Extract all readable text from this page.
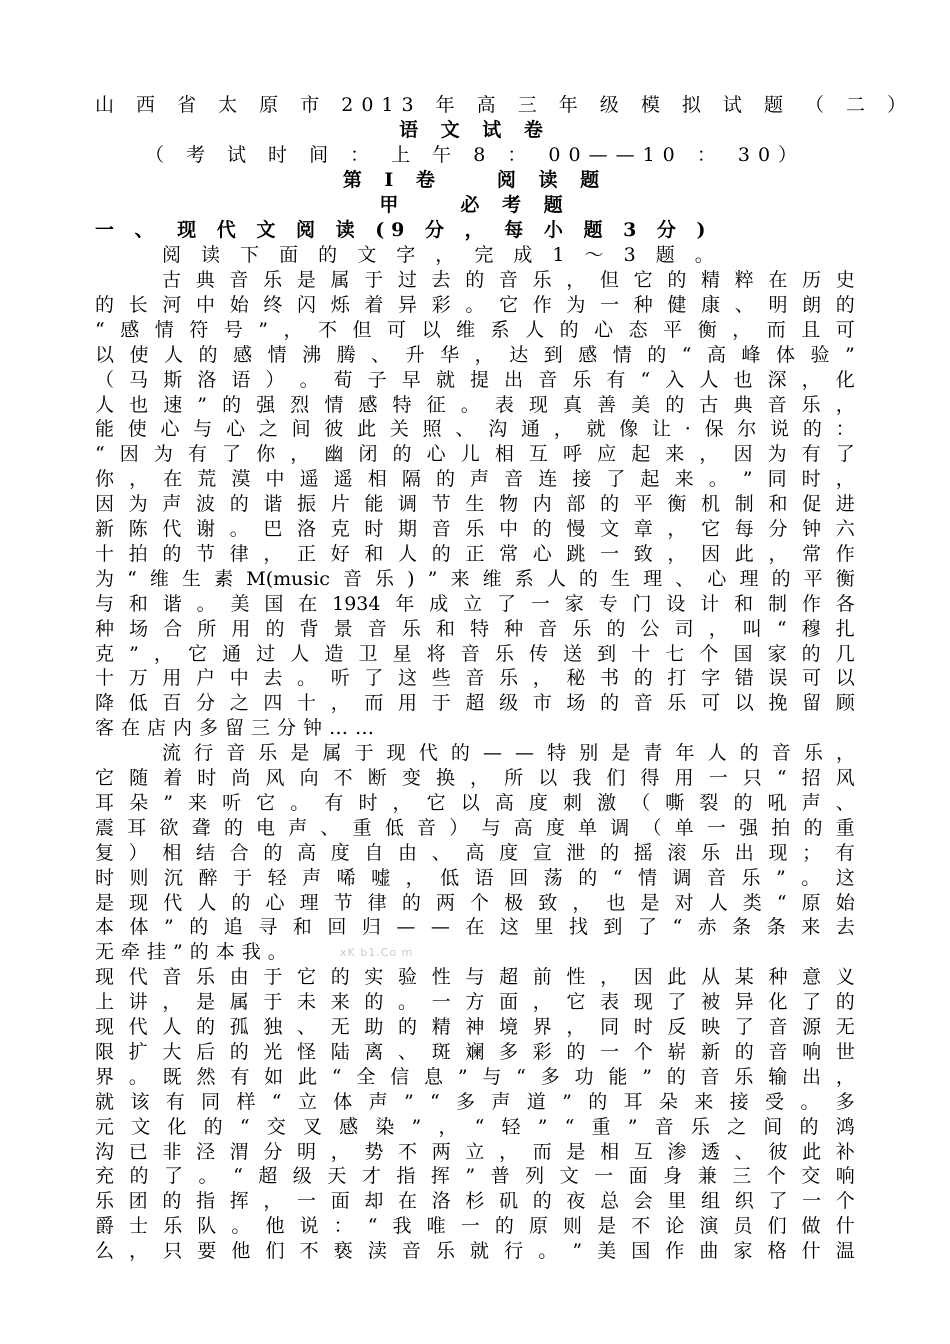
山 西 省 太 原 市 2013 年 高 三 年 级 模 拟 试 题 （ 二 ）
语 文 试 卷
（ 考 试 时 间 ： 上 午 8 ： 00——10 ： 30）
第 I 卷　　阅 读 题
甲　　必 考 题
一 、　现 代 文 阅 读 (9 分 ， 每 小 题 3 分 )
阅 读 下 面 的 文 字 ， 完 成 1 ～ 3 题 。
古 典 音 乐 是 属 于 过 去 的 音 乐 ， 但 它 的 精 粹 在 历 史
的 长 河 中 始 终 闪 烁 着 异 彩 。 它 作 为 一 种 健 康 、 明 朗 的
“ 感 情 符 号 ” ， 不 但 可 以 维 系 人 的 心 态 平 衡 ， 而 且 可
以 使 人 的 感 情 沸 腾 、 升 华 ， 达 到 感 情 的 “ 高 峰 体 验 ”
（ 马 斯 洛 语 ） 。 荀 子 早 就 提 出 音 乐 有 “ 入 人 也 深 ， 化
人 也 速 ” 的 强 烈 情 感 特 征 。 表 现 真 善 美 的 古 典 音 乐 ，
能 使 心 与 心 之 间 彼 此 关 照 、 沟 通 ， 就 像 让 · 保 尔 说 的 ：
“ 因 为 有 了 你 ， 幽 闭 的 心 儿 相 互 呼 应 起 来 ， 因 为 有 了
你 ， 在 荒 漠 中 遥 遥 相 隔 的 声 音 连 接 了 起 来 。 ” 同 时 ，
因 为 声 波 的 谐 振 片 能 调 节 生 物 内 部 的 平 衡 机 制 和 促 进
新 陈 代 谢 。 巴 洛 克 时 期 音 乐 中 的 慢 文 章 ， 它 每 分 钟 六
十 拍 的 节 律 ， 正 好 和 人 的 正 常 心 跳 一 致 ， 因 此 ， 常 作
为 “ 维 生 素 M(music 音 乐 ) ” 来 维 系 人 的 生 理 、 心 理 的 平 衡
与 和 谐 。 美 国 在 1934 年 成 立 了 一 家 专 门 设 计 和 制 作 各
种 场 合 所 用 的 背 景 音 乐 和 特 种 音 乐 的 公 司 ， 叫 “ 穆 扎
克 ” ， 它 通 过 人 造 卫 星 将 音 乐 传 送 到 十 七 个 国 家 的 几
十 万 用 户 中 去 。 听 了 这 些 音 乐 ， 秘 书 的 打 字 错 误 可 以
降 低 百 分 之 四 十 ， 而 用 于 超 级 市 场 的 音 乐 可 以 挽 留 顾
客在店内多留三分钟……
流 行 音 乐 是 属 于 现 代 的 — — 特 别 是 青 年 人 的 音 乐 ，
它 随 着 时 尚 风 向 不 断 变 换 ， 所 以 我 们 得 用 一 只 “ 招 风
耳 朵 ” 来 听 它 。 有 时 ， 它 以 高 度 刺 激 （ 嘶 裂 的 吼 声 、
震 耳 欲 聋 的 电 声 、 重 低 音 ） 与 高 度 单 调 （ 单 一 强 拍 的 重
复 ） 相 结 合 的 高 度 自 由 、 高 度 宣 泄 的 摇 滚 乐 出 现 ； 有
时 则 沉 醉 于 轻 声 唏 嘘 ， 低 语 回 荡 的 “ 情 调 音 乐 ” 。 这
是 现 代 人 的 心 理 节 律 的 两 个 极 致 ， 也 是 对 人 类 “ 原 始
本 体 ” 的 追 寻 和 回 归 — — 在 这 里 找 到 了 “ 赤 条 条 来 去
无牵挂”的本我。
现 代 音 乐 由 于 它 的 实 验 性 与 超 前 性 ， 因 此 从 某 种 意 义
上 讲 ， 是 属 于 未 来 的 。 一 方 面 ， 它 表 现 了 被 异 化 了 的
现 代 人 的 孤 独 、 无 助 的 精 神 境 界 ， 同 时 反 映 了 音 源 无
限 扩 大 后 的 光 怪 陆 离 、 斑 斓 多 彩 的 一 个 崭 新 的 音 响 世
界 。 既 然 有 如 此 “ 全 信 息 ” 与 “ 多 功 能 ” 的 音 乐 输 出 ，
就 该 有 同 样 “ 立 体 声 ” “ 多 声 道 ” 的 耳 朵 来 接 受 。 多
元 文 化 的 “ 交 叉 感 染 ” ， “ 轻 ” “ 重 ” 音 乐 之 间 的 鸿
沟 已 非 泾 渭 分 明 ， 势 不 两 立 ， 而 是 相 互 渗 透 、 彼 此 补
充 的 了 。 “ 超 级 天 才 指 挥 ” 普 列 文 一 面 身 兼 三 个 交 响
乐 团 的 指 挥 ， 一 面 却 在 洛 杉 矶 的 夜 总 会 里 组 织 了 一 个
爵 士 乐 队 。 他 说 ： “ 我 唯 一 的 原 则 是 不 论 演 员 们 做 什
么 ， 只 要 他 们 不 亵 渎 音 乐 就 行 。 ” 美 国 作 曲 家 格 什 温
xK b1.Co m
